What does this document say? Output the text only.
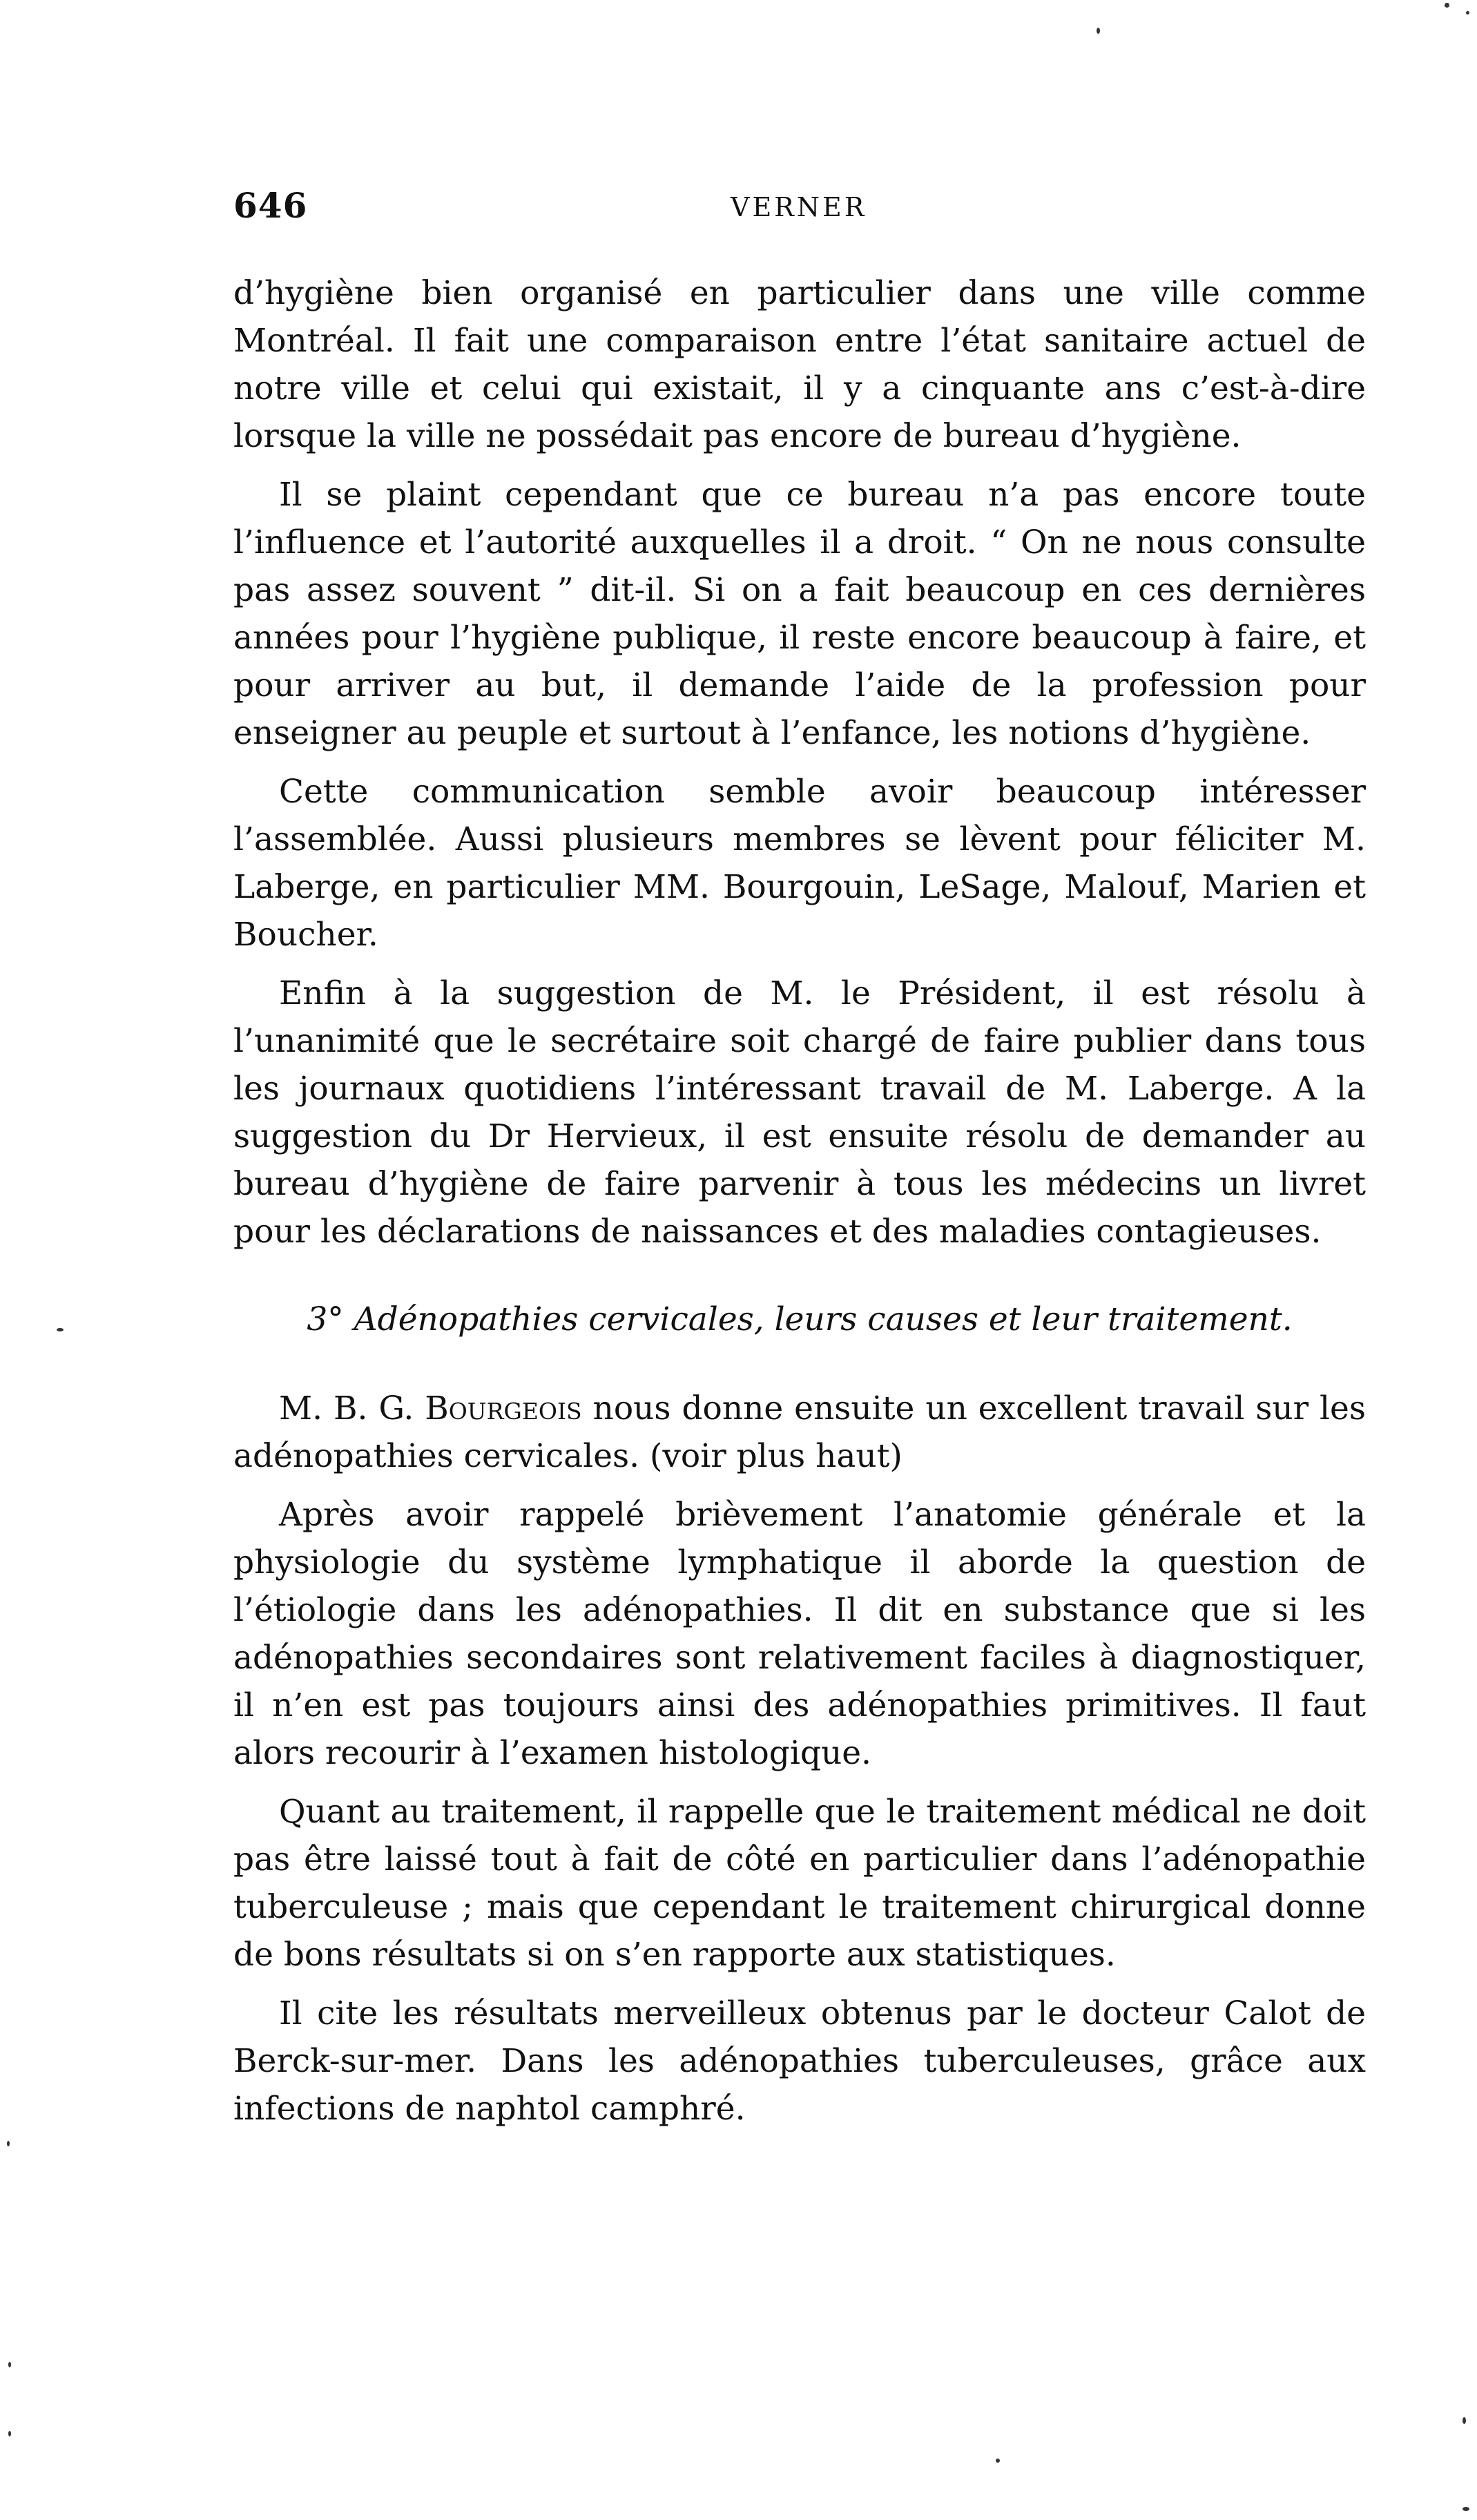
646	VERNER

d’hygiène bien organisé en particulier dans une ville comme Montréal. Il fait une comparaison entre l’état sanitaire actuel de notre ville et celui qui existait, il y a cinquante ans c’est-à-dire lorsque la ville ne possédait pas encore de bureau d’hygiène.

Il se plaint cependant que ce bureau n’a pas encore toute l’influence et l’autorité auxquelles il a droit. “ On ne nous consulte pas assez souvent ” dit-il. Si on a fait beaucoup en ces dernières années pour l’hygiène publique, il reste encore beaucoup à faire, et pour arriver au but, il demande l’aide de la profession pour enseigner au peuple et surtout à l’enfance, les notions d’hygiène.

Cette communication semble avoir beaucoup intéresser l’assemblée. Aussi plusieurs membres se lèvent pour féliciter M. Laberge, en particulier MM. Bourgouin, LeSage, Malouf, Marien et Boucher.

Enfin à la suggestion de M. le Président, il est résolu à l’unanimité que le secrétaire soit chargé de faire publier dans tous les journaux quotidiens l’intéressant travail de M. Laberge. A la suggestion du Dr Hervieux, il est ensuite résolu de demander au bureau d’hygiène de faire parvenir à tous les médecins un livret pour les déclarations de naissances et des maladies contagieuses.

3° Adénopathies cervicales, leurs causes et leur traitement.

M. B. G. Bourgeois nous donne ensuite un excellent travail sur les adénopathies cervicales. (voir plus haut)

Après avoir rappelé brièvement l’anatomie générale et la physiologie du système lymphatique il aborde la question de l’étiologie dans les adénopathies. Il dit en substance que si les adénopathies secondaires sont relativement faciles à diagnostiquer, il n’en est pas toujours ainsi des adénopathies primitives. Il faut alors recourir à l’examen histologique.

Quant au traitement, il rappelle que le traitement médical ne doit pas être laissé tout à fait de côté en particulier dans l’adénopathie tuberculeuse ; mais que cependant le traitement chirurgical donne de bons résultats si on s’en rapporte aux statistiques.

Il cite les résultats merveilleux obtenus par le docteur Calot de Berck-sur-mer. Dans les adénopathies tuberculeuses, grâce aux infections de naphtol camphré.
